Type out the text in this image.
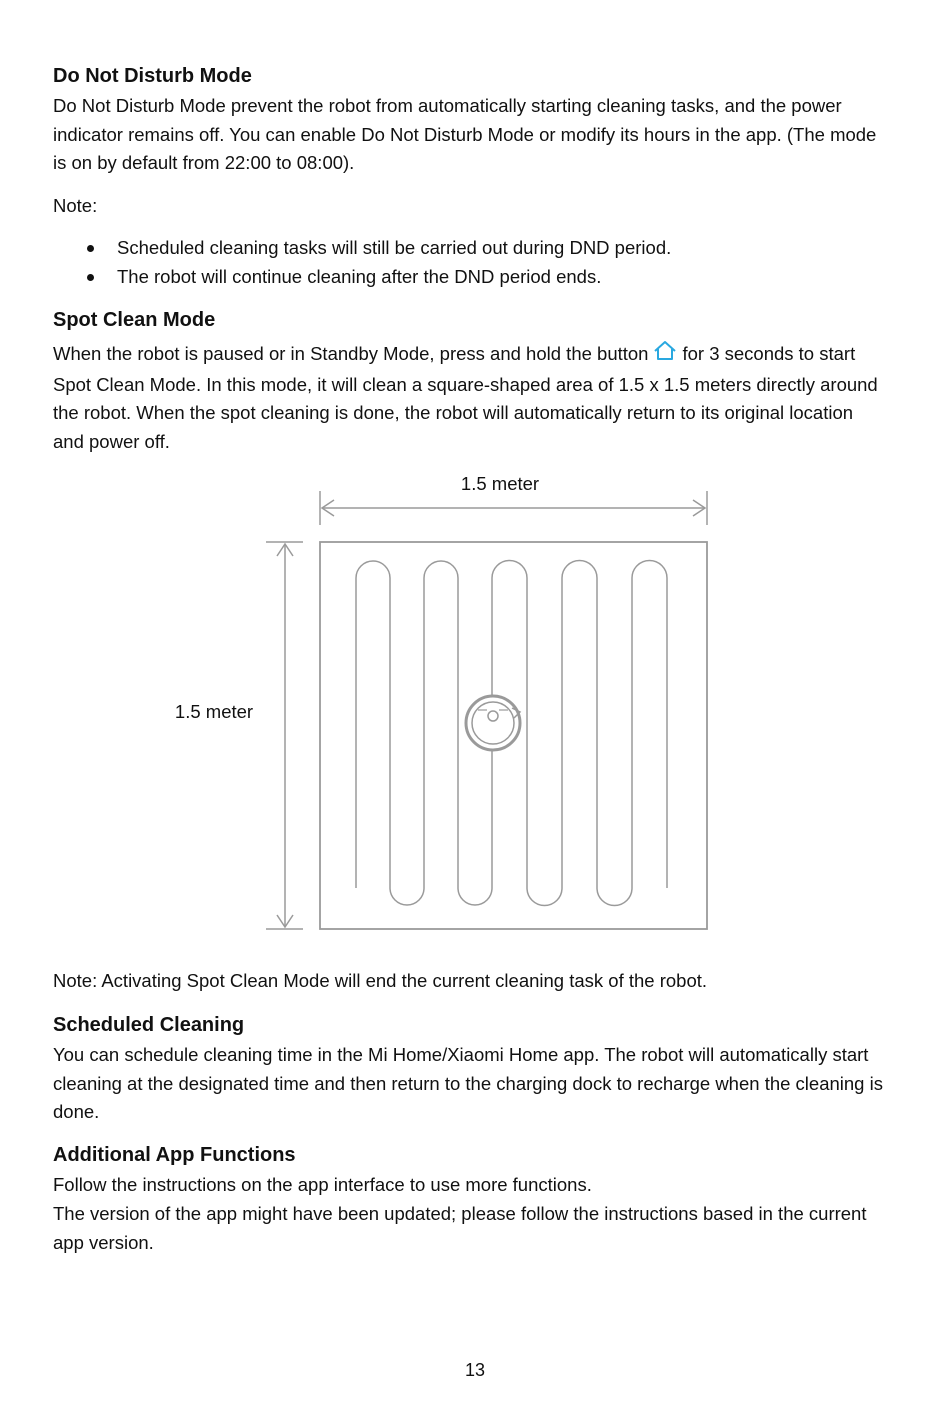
Do Not Disturb Mode

Do Not Disturb Mode prevent the robot from automatically starting cleaning tasks, and the power indicator remains off. You can enable Do Not Disturb Mode or modify its hours in the app. (The mode is on by default from 22:00 to 08:00).

Note:

Scheduled cleaning tasks will still be carried out during DND period.
The robot will continue cleaning after the DND period ends.
Spot Clean Mode

When the robot is paused or in Standby Mode, press and hold the button for 3 seconds to start Spot Clean Mode. In this mode, it will clean a square-shaped area of 1.5 x 1.5 meters directly around the robot. When the spot cleaning is done, the robot will automatically return to its original location and power off.

1.5 meter
1.5 meter

Note: Activating Spot Clean Mode will end the current cleaning task of the robot.

Scheduled Cleaning

You can schedule cleaning time in the Mi Home/Xiaomi Home app. The robot will automatically start cleaning at the designated time and then return to the charging dock to recharge when the cleaning is done.

Additional App Functions

Follow the instructions on the app interface to use more functions.

The version of the app might have been updated; please follow the instructions based in the current app version.

13
